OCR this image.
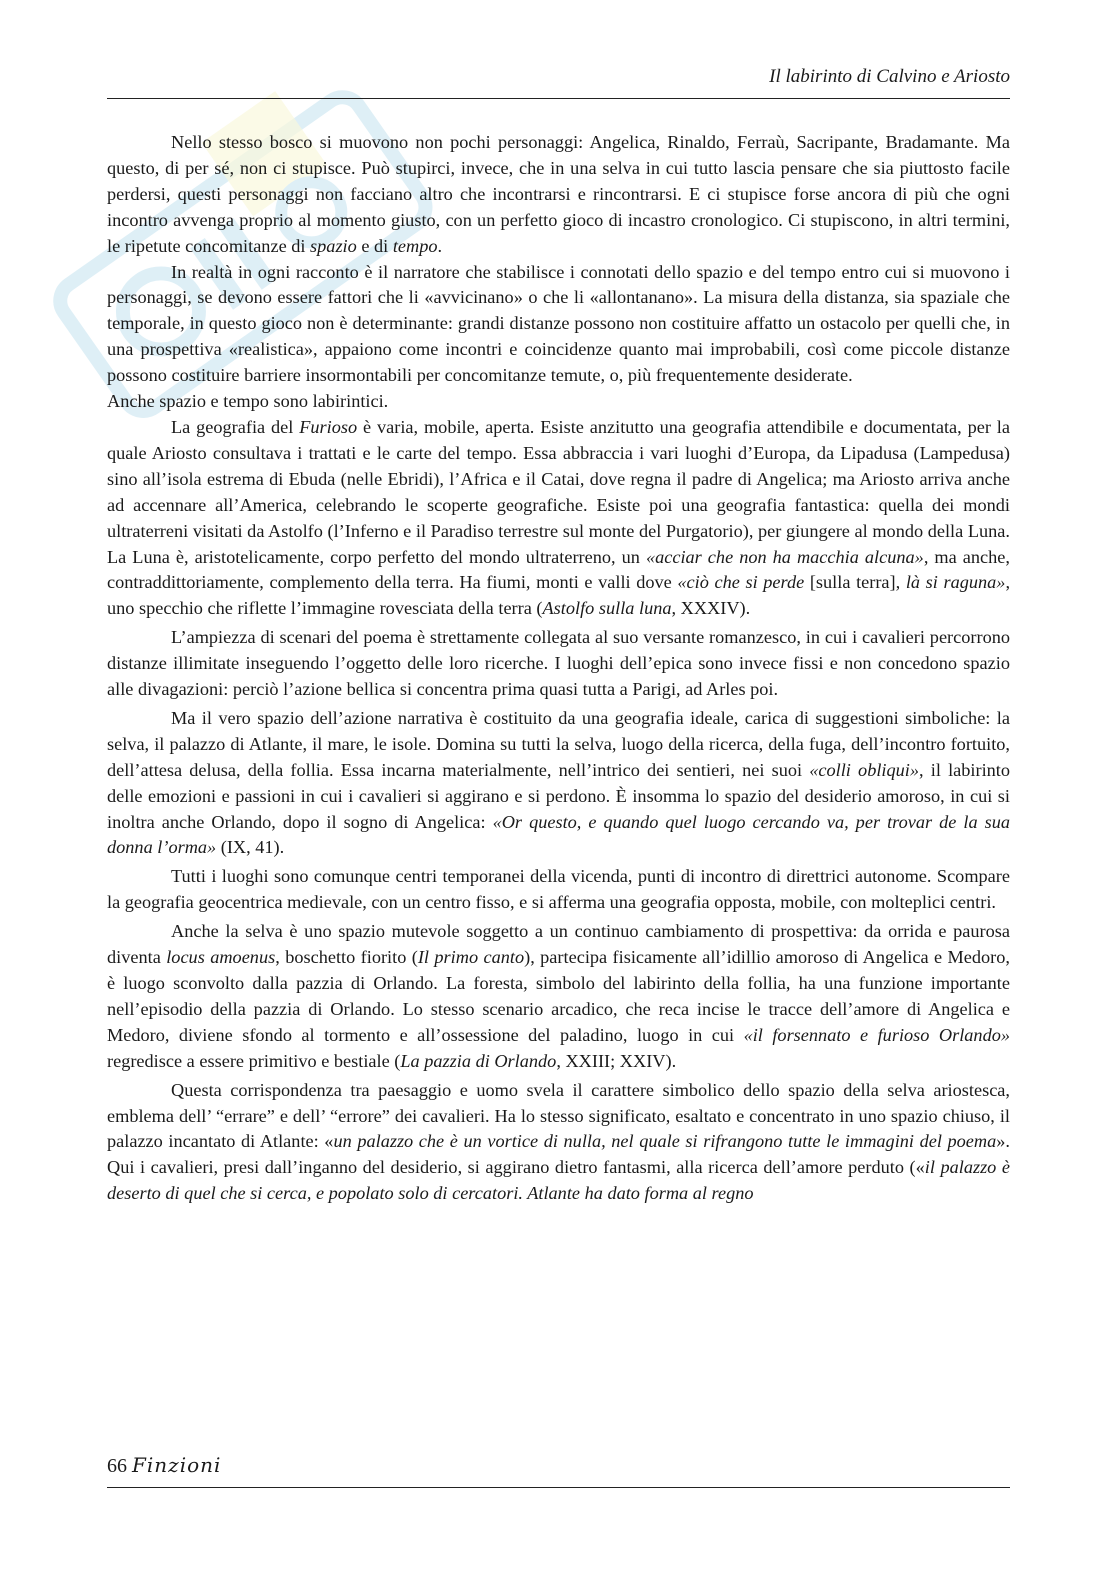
Il labirinto di Calvino e Ariosto

Nello stesso bosco si muovono non pochi personaggi: Angelica, Rinaldo, Ferraù, Sacripante, Bradamante. Ma questo, di per sé, non ci stupisce. Può stupirci, invece, che in una selva in cui tutto lascia pensare che sia piuttosto facile perdersi, questi personaggi non facciano altro che incontrarsi e rincontrarsi. E ci stupisce forse ancora di più che ogni incontro avvenga proprio al momento giusto, con un perfetto gioco di incastro cronologico. Ci stupiscono, in altri termini, le ripetute concomitanze di spazio e di tempo.

In realtà in ogni racconto è il narratore che stabilisce i connotati dello spazio e del tempo entro cui si muovono i personaggi, se devono essere fattori che li «avvicinano» o che li «allontanano». La misura della distanza, sia spaziale che temporale, in questo gioco non è determinante: grandi distanze possono non costituire affatto un ostacolo per quelli che, in una prospettiva «realistica», appaiono come incontri e coincidenze quanto mai improbabili, così come piccole distanze possono costituire barriere insormontabili per concomitanze temute, o, più frequentemente desiderate.

Anche spazio e tempo sono labirintici.

La geografia del Furioso è varia, mobile, aperta. Esiste anzitutto una geografia attendibile e documentata, per la quale Ariosto consultava i trattati e le carte del tempo. Essa abbraccia i vari luoghi d’Europa, da Lipadusa (Lampedusa) sino all’isola estrema di Ebuda (nelle Ebridi), l’Africa e il Catai, dove regna il padre di Angelica; ma Ariosto arriva anche ad accennare all’America, celebrando le scoperte geografiche. Esiste poi una geografia fantastica: quella dei mondi ultraterreni visitati da Astolfo (l’Inferno e il Paradiso terrestre sul monte del Purgatorio), per giungere al mondo della Luna. La Luna è, aristotelicamente, corpo perfetto del mondo ultraterreno, un «acciar che non ha macchia alcuna», ma anche, contraddittoriamente, complemento della terra. Ha fiumi, monti e valli dove «ciò che si perde [sulla terra], là si raguna», uno specchio che riflette l’immagine rovesciata della terra (Astolfo sulla luna, XXXIV).

L’ampiezza di scenari del poema è strettamente collegata al suo versante romanzesco, in cui i cavalieri percorrono distanze illimitate inseguendo l’oggetto delle loro ricerche. I luoghi dell’epica sono invece fissi e non concedono spazio alle divagazioni: perciò l’azione bellica si concentra prima quasi tutta a Parigi, ad Arles poi.

Ma il vero spazio dell’azione narrativa è costituito da una geografia ideale, carica di suggestioni simboliche: la selva, il palazzo di Atlante, il mare, le isole. Domina su tutti la selva, luogo della ricerca, della fuga, dell’incontro fortuito, dell’attesa delusa, della follia. Essa incarna materialmente, nell’intrico dei sentieri, nei suoi «colli obliqui», il labirinto delle emozioni e passioni in cui i cavalieri si aggirano e si perdono. È insomma lo spazio del desiderio amoroso, in cui si inoltra anche Orlando, dopo il sogno di Angelica: «Or questo, e quando quel luogo cercando va, per trovar de la sua donna l’orma» (IX, 41).

Tutti i luoghi sono comunque centri temporanei della vicenda, punti di incontro di direttrici autonome. Scompare la geografia geocentrica medievale, con un centro fisso, e si afferma una geografia opposta, mobile, con molteplici centri.

Anche la selva è uno spazio mutevole soggetto a un continuo cambiamento di prospettiva: da orrida e paurosa diventa locus amoenus, boschetto fiorito (Il primo canto), partecipa fisicamente all’idillio amoroso di Angelica e Medoro, è luogo sconvolto dalla pazzia di Orlando. La foresta, simbolo del labirinto della follia, ha una funzione importante nell’episodio della pazzia di Orlando. Lo stesso scenario arcadico, che reca incise le tracce dell’amore di Angelica e Medoro, diviene sfondo al tormento e all’ossessione del paladino, luogo in cui «il forsennato e furioso Orlando» regredisce a essere primitivo e bestiale (La pazzia di Orlando, XXIII; XXIV).

Questa corrispondenza tra paesaggio e uomo svela il carattere simbolico dello spazio della selva ariostesca, emblema dell’ “errare” e dell’ “errore” dei cavalieri. Ha lo stesso significato, esaltato e concentrato in uno spazio chiuso, il palazzo incantato di Atlante: «un palazzo che è un vortice di nulla, nel quale si rifrangono tutte le immagini del poema». Qui i cavalieri, presi dall’inganno del desiderio, si aggirano dietro fantasmi, alla ricerca dell’amore perduto («il palazzo è deserto di quel che si cerca, e popolato solo di cercatori. Atlante ha dato forma al regno

66 Finzioni
